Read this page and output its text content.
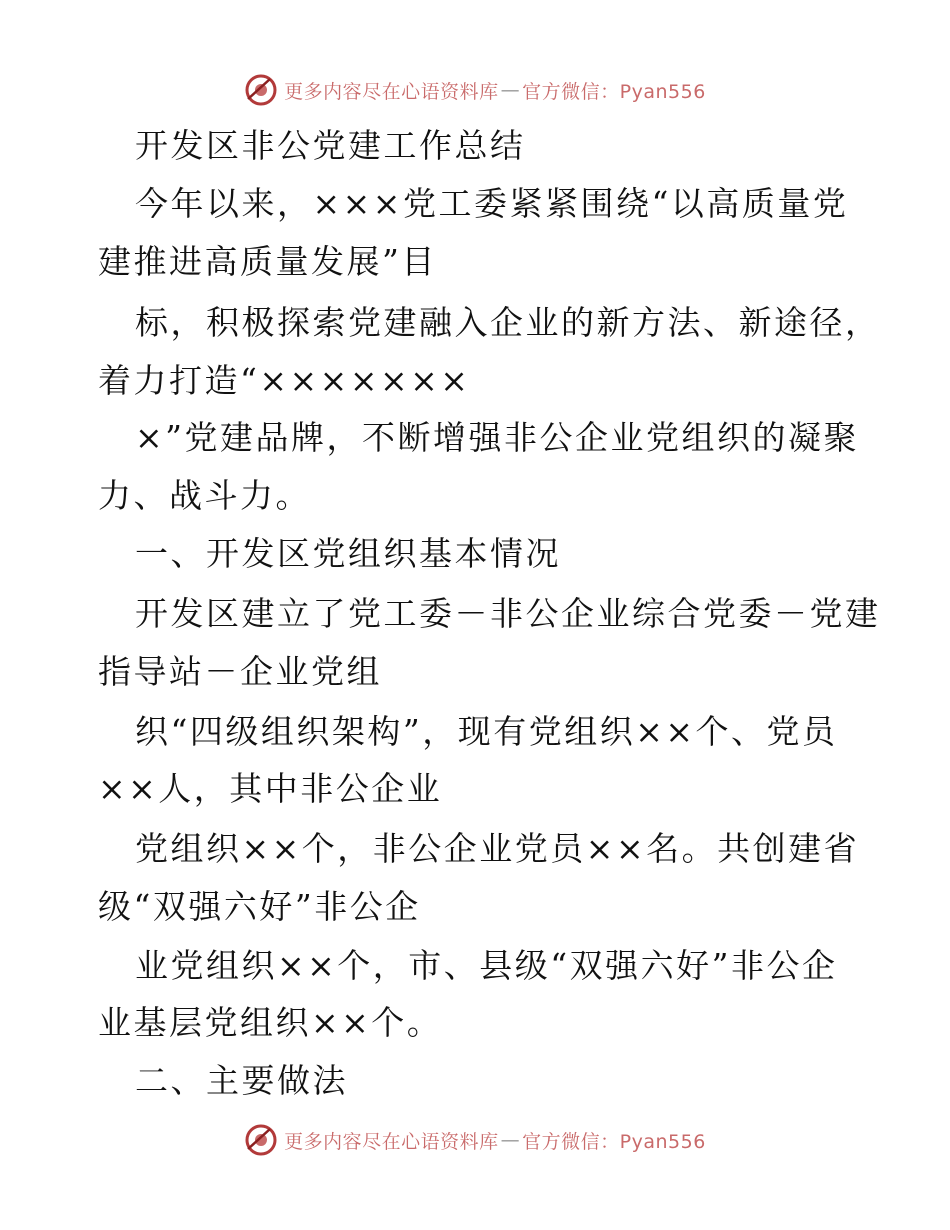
更多内容尽在心语资料库 — 官方微信：Pyan556
开发区非公党建工作总结
今年以来，×××党工委紧紧围绕“以高质量党
建推进高质量发展”目
标，积极探索党建融入企业的新方法、新途径，
着力打造“×××××××
×”党建品牌，不断增强非公企业党组织的凝聚
力、战斗力。
一、开发区党组织基本情况
开发区建立了党工委－非公企业综合党委－党建
指导站－企业党组
织“四级组织架构”，现有党组织××个、党员
××人，其中非公企业
党组织××个，非公企业党员××名。共创建省
级“双强六好”非公企
业党组织××个，市、县级“双强六好”非公企
业基层党组织××个。
二、主要做法
更多内容尽在心语资料库 — 官方微信：Pyan556
